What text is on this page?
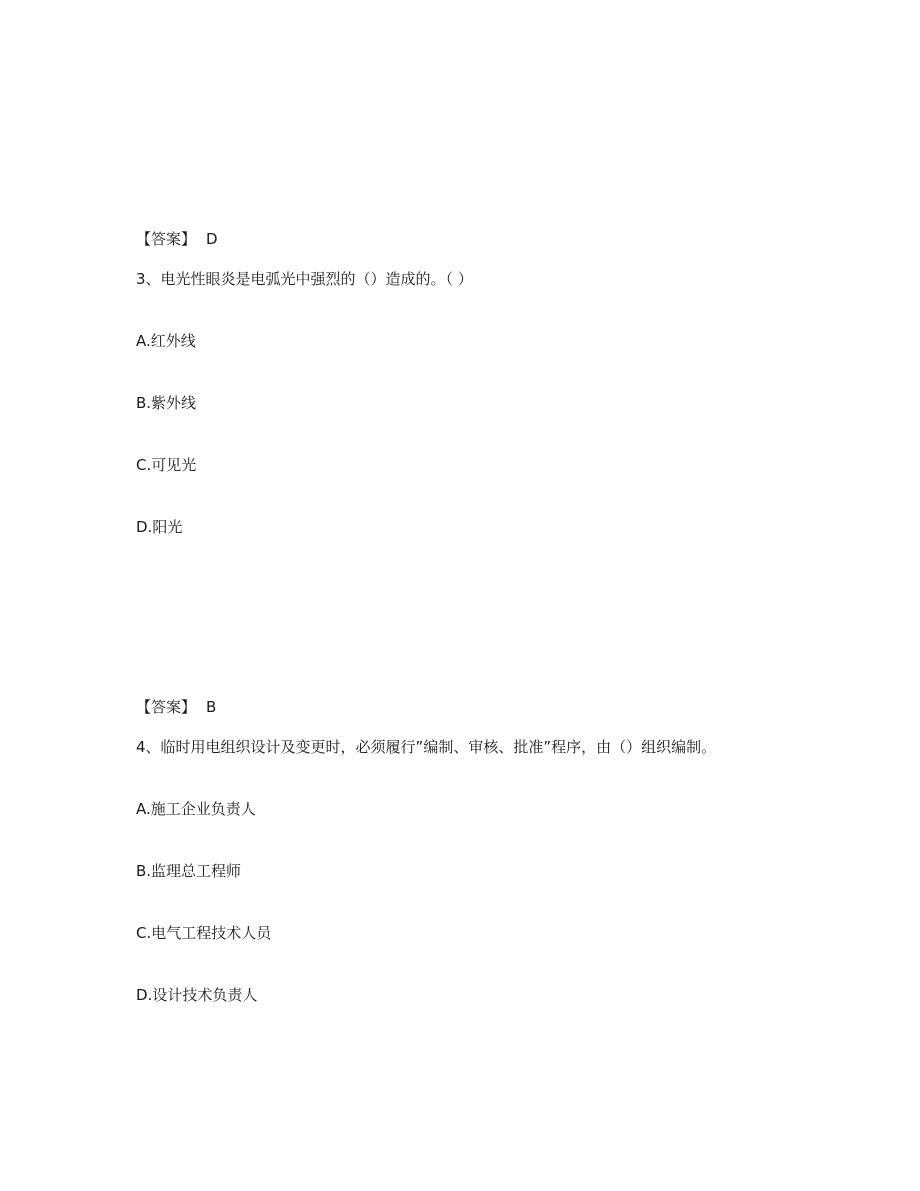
【答案】 D
3、电光性眼炎是电弧光中强烈的（）造成的。（ ）
A.红外线
B.紫外线
C.可见光
D.阳光
【答案】 B
4、临时用电组织设计及变更时，必须履行”编制、审核、批准”程序，由（）组织编制。
A.施工企业负责人
B.监理总工程师
C.电气工程技术人员
D.设计技术负责人
